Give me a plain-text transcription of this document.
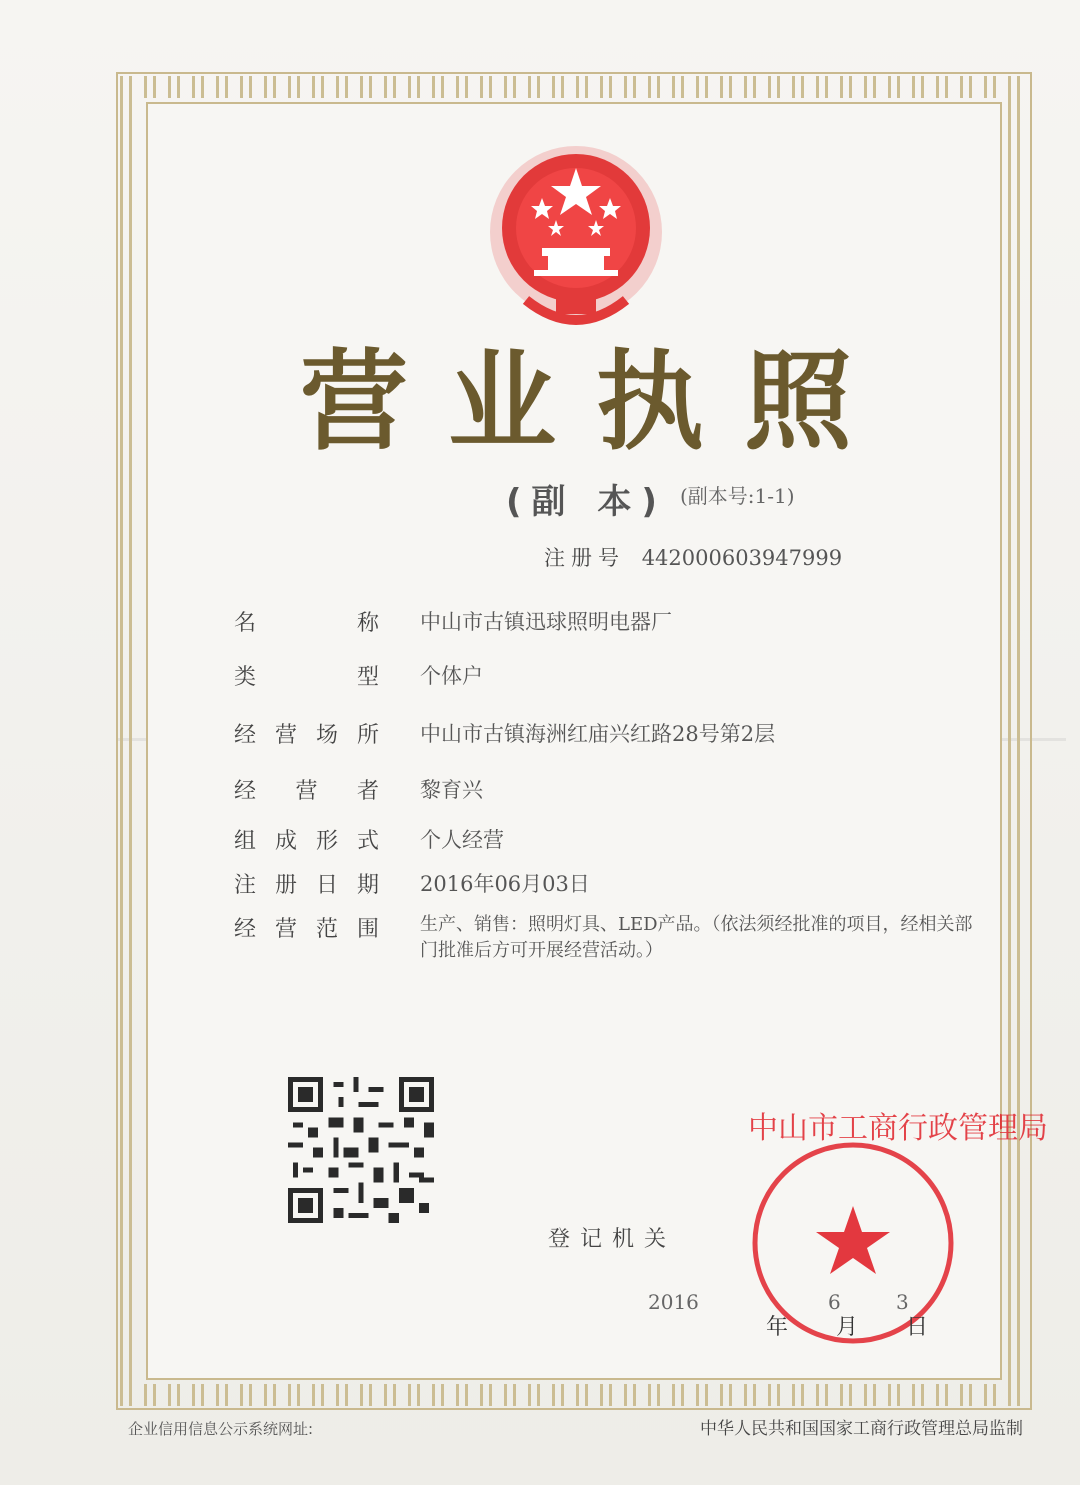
营业执照
(副 本) (副本号:1-1)
注册号 442000603947999
名	称 中山市古镇迅球照明电器厂
类	型 个体户
经 营 场 所 中山市古镇海洲红庙兴红路28号第2层
经 营 者 黎育兴
组 成 形 式 个人经营
注 册 日 期 2016年06月03日
经 营 范 围 生产、销售：照明灯具、LED产品。（依法须经批准的项目，经相关部门批准后方可开展经营活动。）
登记机关
2016	6	3
中山市工商行政管理局
年 月 日
企业信用信息公示系统网址:	中华人民共和国国家工商行政管理总局监制
